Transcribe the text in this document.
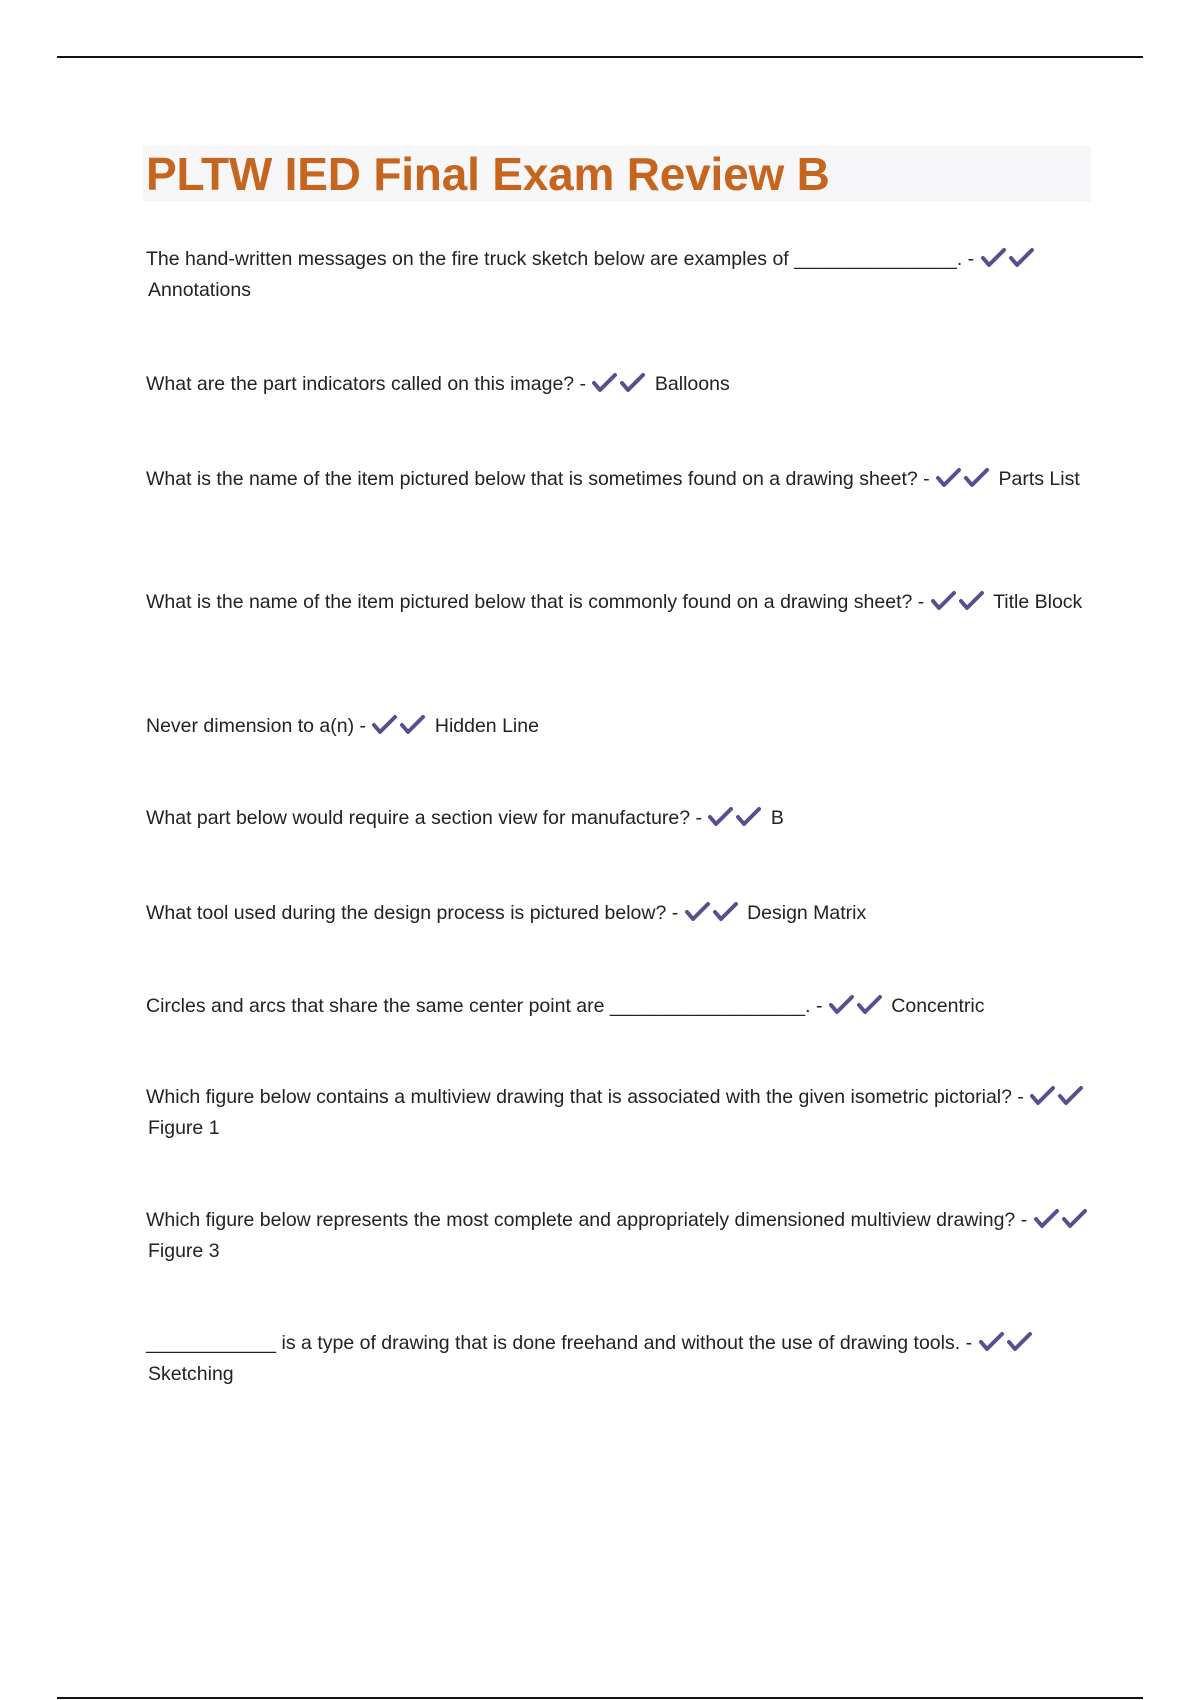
PLTW IED Final Exam Review B
The hand-written messages on the fire truck sketch below are examples of _______________. -  Annotations
What are the part indicators called on this image? -	Balloons
What is the name of the item pictured below that is sometimes found on a drawing sheet? -	Parts List
What is the name of the item pictured below that is commonly found on a drawing sheet? -	Title Block
Never dimension to a(n) -	Hidden Line
What part below would require a section view for manufacture? -	B
What tool used during the design process is pictured below? -	Design Matrix
Circles and arcs that share the same center point are __________________. -	Concentric
Which figure below contains a multiview drawing that is associated with the given isometric pictorial? -  Figure 1
Which figure below represents the most complete and appropriately dimensioned multiview drawing? -  Figure 3
____________ is a type of drawing that is done freehand and without the use of drawing tools. -  Sketching
